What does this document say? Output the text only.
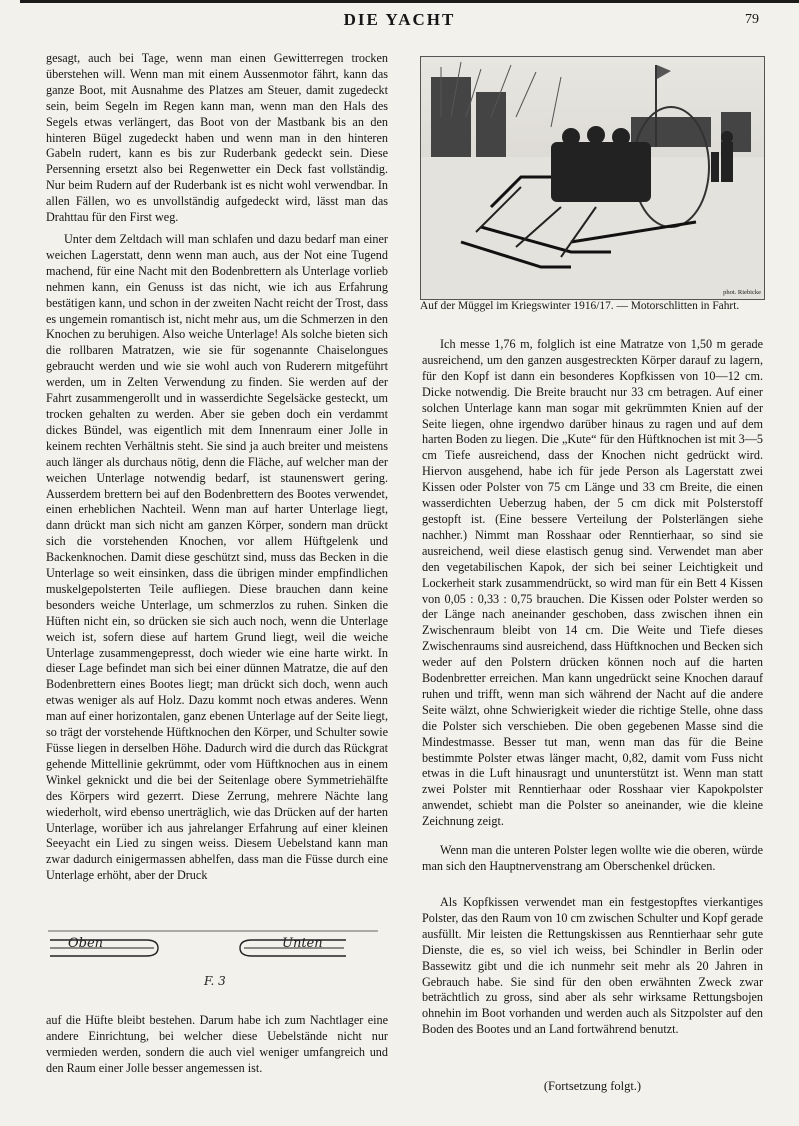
DIE YACHT	79

gesagt, auch bei Tage, wenn man einen Gewitterregen trocken überstehen will. Wenn man mit einem Aussenmotor fährt, kann das ganze Boot, mit Ausnahme des Platzes am Steuer, damit zugedeckt sein, beim Segeln im Regen kann man, wenn man den Hals des Segels etwas verlängert, das Boot von der Mastbank bis an den hinteren Bügel zugedeckt haben und wenn man in den hinteren Gabeln rudert, kann es bis zur Ruderbank gedeckt sein. Diese Persenning ersetzt also bei Regenwetter ein Deck fast vollständig. Nur beim Rudern auf der Ruderbank ist es nicht wohl verwendbar. In allen Fällen, wo es unvollständig aufgedeckt wird, lässt man das Drahttau für den First weg.

Unter dem Zeltdach will man schlafen und dazu bedarf man einer weichen Lagerstatt, denn wenn man auch, aus der Not eine Tugend machend, für eine Nacht mit den Bodenbrettern als Unterlage vorlieb nehmen kann, ein Genuss ist das nicht, wie ich aus Erfahrung bestätigen kann, und schon in der zweiten Nacht reicht der Trost, dass es ungemein romantisch ist, nicht mehr aus, um die Schmerzen in den Knochen zu beruhigen. Also weiche Unterlage! Als solche bieten sich die rollbaren Matratzen, wie sie für sogenannte Chaiselongues gebraucht werden und wie sie wohl auch von Ruderern mitgeführt werden, um in Zelten Verwendung zu finden. Sie werden auf der Fahrt zusammengerollt und in wasserdichte Segelsäcke gesteckt, um trocken gehalten zu werden. Aber sie geben doch ein verdammt dickes Bündel, was eigentlich mit dem Innenraum einer Jolle in keinem rechten Verhältnis steht. Sie sind ja auch breiter und meistens auch länger als durchaus nötig, denn die Fläche, auf welcher man der weichen Unterlage notwendig bedarf, ist staunenswert gering. Ausserdem brettern bei auf den Bodenbrettern des Bootes verwendet, einen erheblichen Nachteil. Wenn man auf harter Unterlage liegt, dann drückt man sich nicht am ganzen Körper, sondern man drückt sich die vorstehenden Knochen, vor allem Hüftgelenk und Backenknochen. Damit diese geschützt sind, muss das Becken in die Unterlage so weit einsinken, dass die übrigen minder empfindlichen muskelgepolsterten Teile aufliegen. Diese brauchen dann keine besonders weiche Unterlage, um schmerzlos zu ruhen. Sinken die Hüften nicht ein, so drücken sie sich auch noch, wenn die Unterlage weich ist, sofern diese auf hartem Grund liegt, weil die weiche Unterlage zusammengepresst, doch wieder wie eine harte wirkt. In dieser Lage befindet man sich bei einer dünnen Matratze, die auf den Bodenbrettern eines Bootes liegt; man drückt sich doch, wenn auch etwas weniger als auf Holz. Dazu kommt noch etwas anderes. Wenn man auf einer horizontalen, ganz ebenen Unterlage auf der Seite liegt, so trägt der vorstehende Hüftknochen den Körper, und Schulter sowie Füsse liegen in derselben Höhe. Dadurch wird die durch das Rückgrat gehende Mittellinie gekrümmt, oder vom Hüftknochen aus in einem Winkel geknickt und die bei der Seitenlage obere Symmetriehälfte des Körpers wird gezerrt. Diese Zerrung, mehrere Nächte lang wiederholt, wird ebenso unerträglich, wie das Drücken auf der harten Unterlage, worüber ich aus jahrelanger Erfahrung auf einer kleinen Seeyacht ein Lied zu singen weiss. Diesem Uebelstand kann man zwar dadurch einigermassen abhelfen, dass man die Füsse durch eine Unterlage erhöht, aber der Druck

Oben	Unten
F. 3

auf die Hüfte bleibt bestehen. Darum habe ich zum Nachtlager eine andere Einrichtung, bei welcher diese Uebelstände nicht nur vermieden werden, sondern die auch viel weniger umfangreich und den Raum einer Jolle besser angemessen ist.

phot. Riebicke
Auf der Müggel im Kriegswinter 1916/17. — Motorschlitten in Fahrt.

Ich messe 1,76 m, folglich ist eine Matratze von 1,50 m gerade ausreichend, um den ganzen ausgestreckten Körper darauf zu lagern, für den Kopf ist dann ein besonderes Kopfkissen von 10—12 cm. Dicke notwendig. Die Breite braucht nur 33 cm betragen. Auf einer solchen Unterlage kann man sogar mit gekrümmten Knien auf der Seite liegen, ohne irgendwo darüber hinaus zu ragen und auf dem harten Boden zu liegen. Die „Kute“ für den Hüftknochen ist mit 3—5 cm Tiefe ausreichend, dass der Knochen nicht gedrückt wird. Hiervon ausgehend, habe ich für jede Person als Lagerstatt zwei Kissen oder Polster von 75 cm Länge und 33 cm Breite, die einen wasserdichten Ueberzug haben, der 5 cm dick mit Polsterstoff gestopft ist. (Eine bessere Verteilung der Polsterlängen siehe nachher.) Nimmt man Rosshaar oder Renntierhaar, so sind sie ausreichend, weil diese elastisch genug sind. Verwendet man aber den vegetabilischen Kapok, der sich bei seiner Leichtigkeit und Lockerheit stark zusammendrückt, so wird man für ein Bett 4 Kissen von 0,05 : 0,33 : 0,75 brauchen. Die Kissen oder Polster werden so der Länge nach aneinander geschoben, dass zwischen ihnen ein Zwischenraum bleibt von 14 cm. Die Weite und Tiefe dieses Zwischenraums sind ausreichend, dass Hüftknochen und Becken sich weder auf den Polstern drücken können noch auf die harten Bodenbretter erreichen. Man kann ungedrückt seine Knochen darauf ruhen und trifft, wenn man sich während der Nacht auf die andere Seite wälzt, ohne Schwierigkeit wieder die richtige Stelle, ohne dass die Polster sich verschieben. Die oben gegebenen Masse sind die Mindestmasse. Besser tut man, wenn man das für die Beine bestimmte Polster etwas länger macht, 0,82, damit vom Fuss nicht etwas in die Luft hinausragt und ununterstützt ist. Wenn man statt zwei Polster mit Renntierhaar oder Rosshaar vier Kapokpolster anwendet, schiebt man die Polster so aneinander, wie die kleine Zeichnung zeigt.

Wenn man die unteren Polster legen wollte wie die oberen, würde man sich den Hauptnervenstrang am Oberschenkel drücken.

Als Kopfkissen verwendet man ein festgestopftes vierkantiges Polster, das den Raum von 10 cm zwischen Schulter und Kopf gerade ausfüllt. Mir leisten die Rettungskissen aus Renntierhaar sehr gute Dienste, die es, so viel ich weiss, bei Schindler in Berlin oder Bassewitz gibt und die ich nunmehr seit mehr als 20 Jahren in Gebrauch habe. Sie sind für den oben erwähnten Zweck zwar beträchtlich zu gross, sind aber als sehr wirksame Rettungsbojen ohnehin im Boot vorhanden und werden auch als Sitzpolster auf den Boden des Bootes und an Land fortwährend benutzt.

(Fortsetzung folgt.)
